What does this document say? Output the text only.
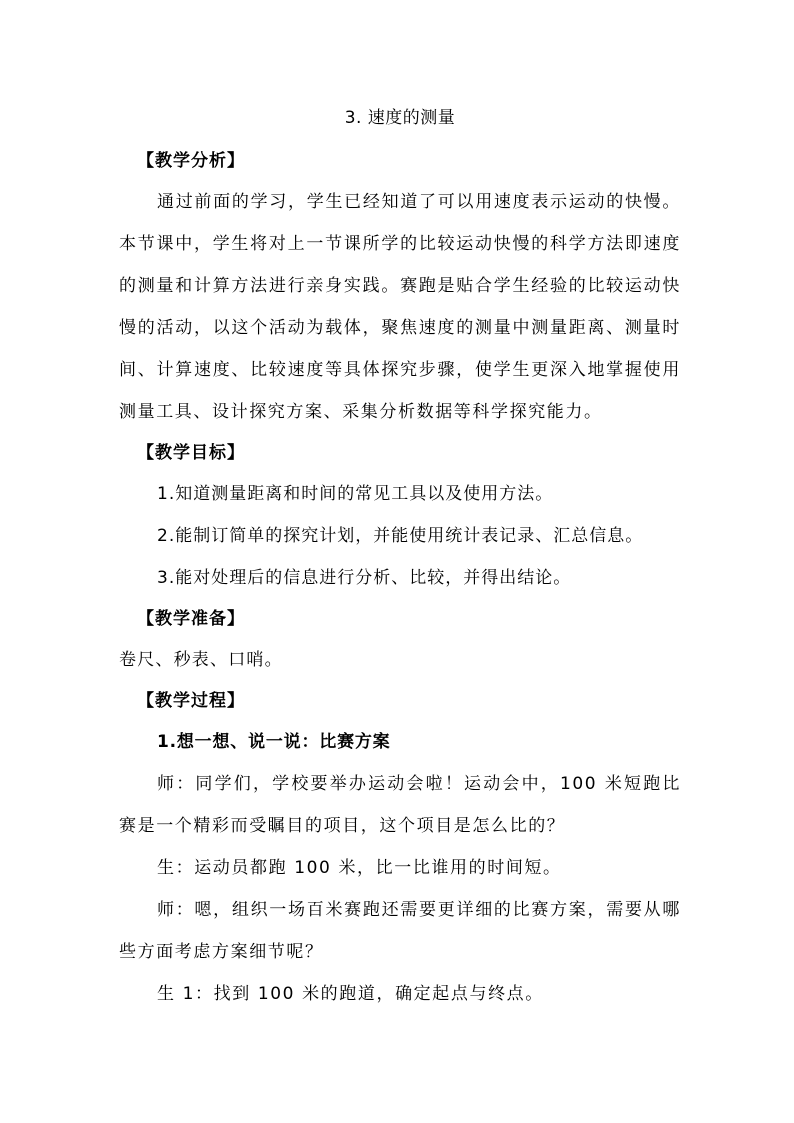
3. 速度的测量
【教学分析】

通过前面的学习，学生已经知道了可以用速度表示运动的快慢。本节课中，学生将对上一节课所学的比较运动快慢的科学方法即速度的测量和计算方法进行亲身实践。赛跑是贴合学生经验的比较运动快慢的活动，以这个活动为载体，聚焦速度的测量中测量距离、测量时间、计算速度、比较速度等具体探究步骤，使学生更深入地掌握使用测量工具、设计探究方案、采集分析数据等科学探究能力。

【教学目标】

1.知道测量距离和时间的常见工具以及使用方法。

2.能制订简单的探究计划，并能使用统计表记录、汇总信息。

3.能对处理后的信息进行分析、比较，并得出结论。

【教学准备】

卷尺、秒表、口哨。

【教学过程】

1.想一想、说一说：比赛方案

师：同学们，学校要举办运动会啦！运动会中，100 米短跑比赛是一个精彩而受瞩目的项目，这个项目是怎么比的？

生：运动员都跑 100 米，比一比谁用的时间短。

师：嗯，组织一场百米赛跑还需要更详细的比赛方案，需要从哪些方面考虑方案细节呢？

生 1：找到 100 米的跑道，确定起点与终点。
